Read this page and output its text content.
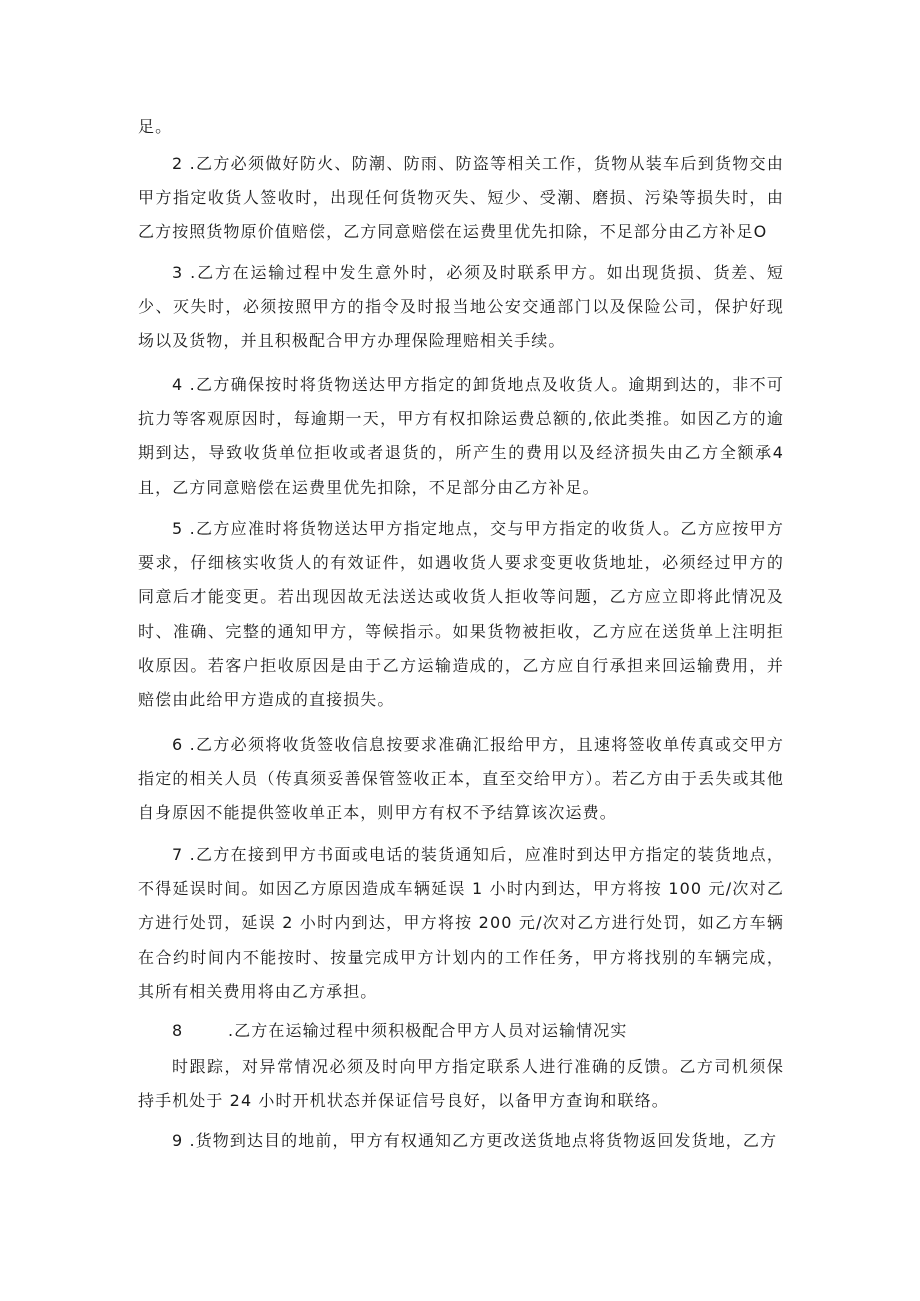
足。

2 .乙方必须做好防火、防潮、防雨、防盗等相关工作，货物从装车后到货物交由甲方指定收货人签收时，出现任何货物灭失、短少、受潮、磨损、污染等损失时，由乙方按照货物原价值赔偿，乙方同意赔偿在运费里优先扣除，不足部分由乙方补足O

3 .乙方在运输过程中发生意外时，必须及时联系甲方。如出现货损、货差、短少、灭失时，必须按照甲方的指令及时报当地公安交通部门以及保险公司，保护好现场以及货物，并且积极配合甲方办理保险理赔相关手续。

4 .乙方确保按时将货物送达甲方指定的卸货地点及收货人。逾期到达的，非不可抗力等客观原因时，每逾期一天，甲方有权扣除运费总额的,依此类推。如因乙方的逾期到达，导致收货单位拒收或者退货的，所产生的费用以及经济损失由乙方全额承4且，乙方同意赔偿在运费里优先扣除，不足部分由乙方补足。

5 .乙方应准时将货物送达甲方指定地点，交与甲方指定的收货人。乙方应按甲方要求，仔细核实收货人的有效证件，如遇收货人要求变更收货地址，必须经过甲方的同意后才能变更。若出现因故无法送达或收货人拒收等问题，乙方应立即将此情况及时、准确、完整的通知甲方，等候指示。如果货物被拒收，乙方应在送货单上注明拒收原因。若客户拒收原因是由于乙方运输造成的，乙方应自行承担来回运输费用，并赔偿由此给甲方造成的直接损失。

6 .乙方必须将收货签收信息按要求准确汇报给甲方，且速将签收单传真或交甲方指定的相关人员（传真须妥善保管签收正本，直至交给甲方）。若乙方由于丢失或其他自身原因不能提供签收单正本，则甲方有权不予结算该次运费。

7 .乙方在接到甲方书面或电话的装货通知后，应准时到达甲方指定的装货地点，不得延误时间。如因乙方原因造成车辆延误 1 小时内到达，甲方将按 100 元/次对乙方进行处罚，延误 2 小时内到达，甲方将按 200 元/次对乙方进行处罚，如乙方车辆在合约时间内不能按时、按量完成甲方计划内的工作任务，甲方将找别的车辆完成，其所有相关费用将由乙方承担。

8	.乙方在运输过程中须积极配合甲方人员对运输情况实

时跟踪，对异常情况必须及时向甲方指定联系人进行准确的反馈。乙方司机须保持手机处于 24 小时开机状态并保证信号良好，以备甲方查询和联络。

9 .货物到达目的地前，甲方有权通知乙方更改送货地点将货物返回发货地，乙方
